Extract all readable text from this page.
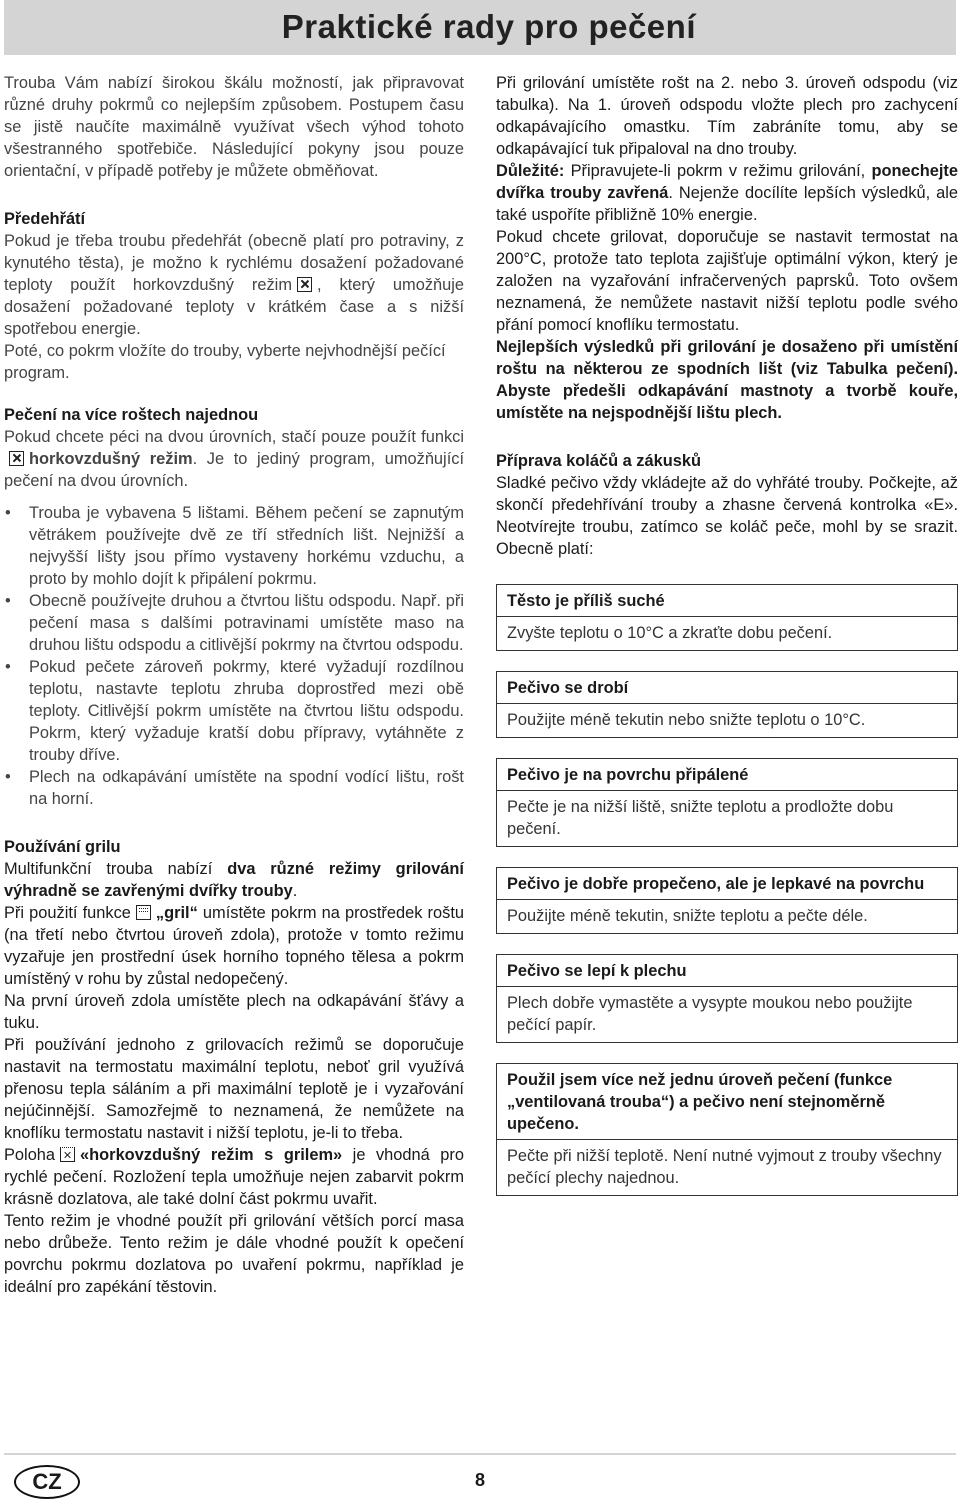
Praktické rady pro pečení

Trouba Vám nabízí širokou škálu možností, jak připravovat různé druhy pokrmů co nejlepším způsobem. Postupem času se jistě naučíte maximálně využívat všech výhod tohoto všestranného spotřebiče. Následující pokyny jsou pouze orientační, v případě potřeby je můžete obměňovat.

Předehřátí

Pokud je třeba troubu předehřát (obecně platí pro potraviny, z kynutého těsta), je možno k rychlému dosažení požadované teploty použít horkovzdušný režim , který umožňuje dosažení požadované teploty v krátkém čase a s nižší spotřebou energie.

Poté, co pokrm vložíte do trouby, vyberte nejvhodnější pečící program.

Pečení na více roštech najednou

Pokud chcete péci na dvou úrovních, stačí pouze použít funkcihorkovzdušný režim. Je to jediný program, umožňující pečení na dvou úrovních.

• Trouba je vybavena 5 lištami. Během pečení se zapnutým větrákem používejte dvě ze tří středních lišt. Nejnižší a nejvyšší lišty jsou přímo vystaveny horkému vzduchu, a proto by mohlo dojít k připálení pokrmu.
• Obecně používejte druhou a čtvrtou lištu odspodu. Např. při pečení masa s dalšími potravinami umístěte maso na druhou lištu odspodu a citlivější pokrmy na čtvrtou odspodu.
• Pokud pečete zároveň pokrmy, které vyžadují rozdílnou teplotu, nastavte teplotu zhruba doprostřed mezi obě teploty. Citlivější pokrm umístěte na čtvrtou lištu odspodu. Pokrm, který vyžaduje kratší dobu přípravy, vytáhněte z trouby dříve.
• Plech na odkapávání umístěte na spodní vodící lištu, rošt na horní.

Používání grilu

Multifunkční trouba nabízí dva různé režimy grilování výhradně se zavřenými dvířky trouby.

Při použití funkce „gril“ umístěte pokrm na prostředek roštu (na třetí nebo čtvrtou úroveň zdola), protože v tomto režimu vyzařuje jen prostřední úsek horního topného tělesa a pokrm umístěný v rohu by zůstal nedopečený.

Na první úroveň zdola umístěte plech na odkapávání šťávy a tuku.

Při používání jednoho z grilovacích režimů se doporučuje nastavit na termostatu maximální teplotu, neboť gril využívá přenosu tepla sáláním a při maximální teplotě je i vyzařování nejúčinnější. Samozřejmě to neznamená, že nemůžete na knoflíku termostatu nastavit i nižší teplotu, je-li to třeba.

Poloha «horkovzdušný režim s grilem» je vhodná pro rychlé pečení. Rozložení tepla umožňuje nejen zabarvit pokrm krásně dozlatova, ale také dolní část pokrmu uvařit.

Tento režim je vhodné použít při grilování větších porcí masa nebo drůbeže. Tento režim je dále vhodné použít k opečení povrchu pokrmu dozlatova po uvaření pokrmu, například je ideální pro zapékání těstovin.

Při grilování umístěte rošt na 2. nebo 3. úroveň odspodu (viz tabulka). Na 1. úroveň odspodu vložte plech pro zachycení odkapávajícího omastku. Tím zabráníte tomu, aby se odkapávající tuk připaloval na dno trouby.

Důležité: Připravujete-li pokrm v režimu grilování, ponechejte dvířka trouby zavřená. Nejenže docílíte lepších výsledků, ale také uspoříte přibližně 10% energie.

Pokud chcete grilovat, doporučuje se nastavit termostat na 200°C, protože tato teplota zajišťuje optimální výkon, který je založen na vyzařování infračervených paprsků. Toto ovšem neznamená, že nemůžete nastavit nižší teplotu podle svého přání pomocí knoflíku termostatu.

Nejlepších výsledků při grilování je dosaženo při umístění roštu na některou ze spodních lišt (viz Tabulka pečení). Abyste předešli odkapávání mastnoty a tvorbě kouře, umístěte na nejspodnější lištu plech.

Příprava koláčů a zákusků

Sladké pečivo vždy vkládejte až do vyhřáté trouby. Počkejte, až skončí předehřívání trouby a zhasne červená kontrolka «E». Neotvírejte troubu, zatímco se koláč peče, mohl by se srazit. Obecně platí:

Těsto je příliš suché
Zvyšte teplotu o 10°C a zkraťte dobu pečení.
Pečivo se drobí
Použijte méně tekutin nebo snižte teplotu o 10°C.
Pečivo je na povrchu připálené
Pečte je na nižší liště, snižte teplotu a prodložte dobu pečení.
Pečivo je dobře propečeno, ale je lepkavé na povrchu
Použijte méně tekutin, snižte teplotu a pečte déle.
Pečivo se lepí k plechu
Plech dobře vymastěte a vysypte moukou nebo použijte pečící papír.
Použil jsem více než jednu úroveň pečení (funkce „ventilovaná trouba“) a pečivo není stejnoměrně upečeno.
Pečte při nižší teplotě. Není nutné vyjmout z trouby všechny pečící plechy najednou.
CZ	8
